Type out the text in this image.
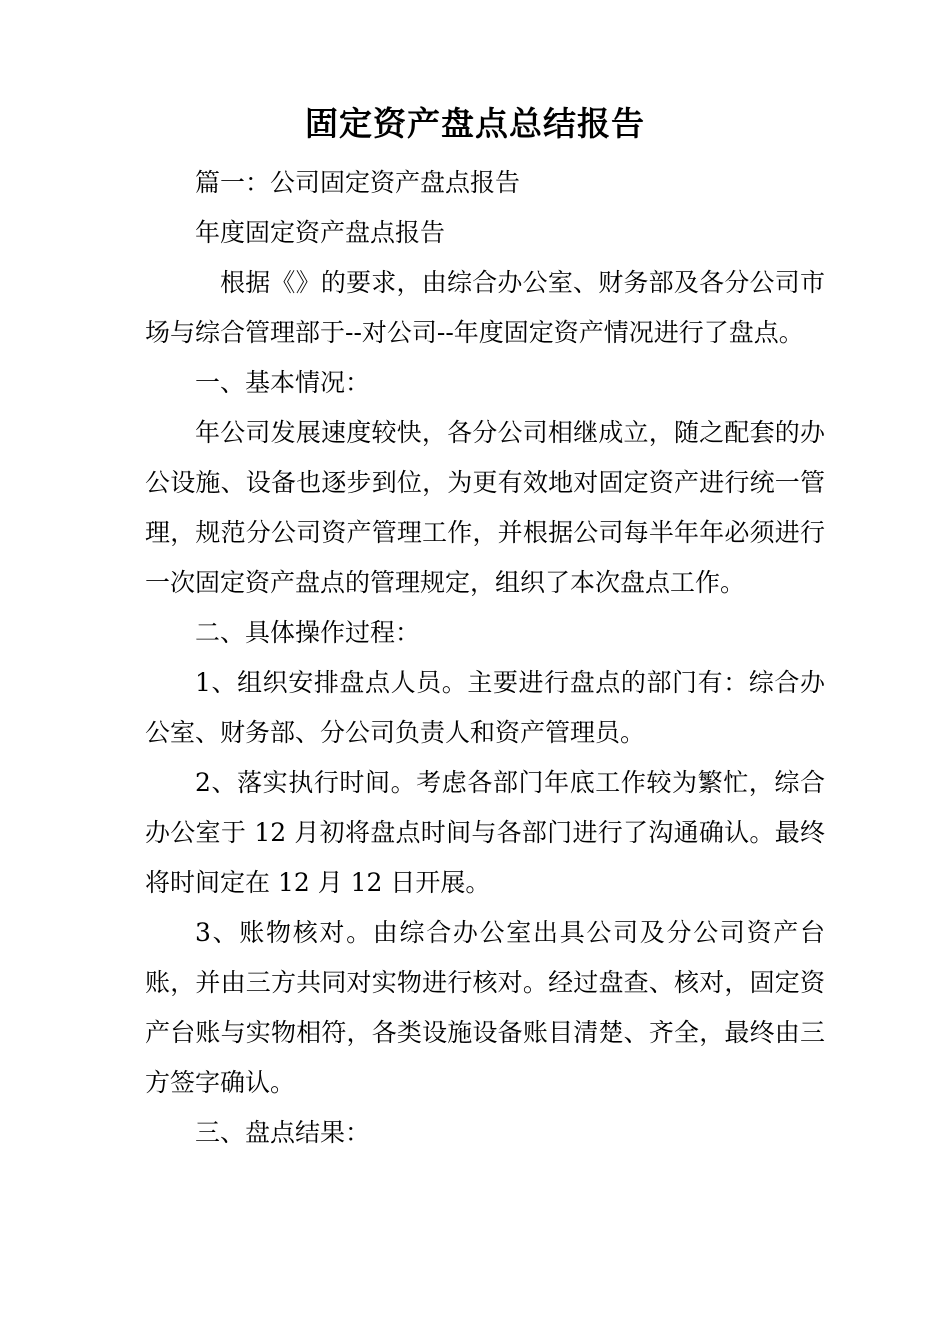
固定资产盘点总结报告

篇一：公司固定资产盘点报告

年度固定资产盘点报告

根据《》的要求，由综合办公室、财务部及各分公司市场与综合管理部于--对公司--年度固定资产情况进行了盘点。

一、基本情况：

年公司发展速度较快，各分公司相继成立，随之配套的办公设施、设备也逐步到位，为更有效地对固定资产进行统一管理，规范分公司资产管理工作，并根据公司每半年年必须进行一次固定资产盘点的管理规定，组织了本次盘点工作。

二、具体操作过程：

1、组织安排盘点人员。主要进行盘点的部门有：综合办公室、财务部、分公司负责人和资产管理员。

2、落实执行时间。考虑各部门年底工作较为繁忙，综合办公室于 12 月初将盘点时间与各部门进行了沟通确认。最终将时间定在 12 月 12 日开展。

3、账物核对。由综合办公室出具公司及分公司资产台账，并由三方共同对实物进行核对。经过盘查、核对，固定资产台账与实物相符，各类设施设备账目清楚、齐全，最终由三方签字确认。

三、盘点结果：
